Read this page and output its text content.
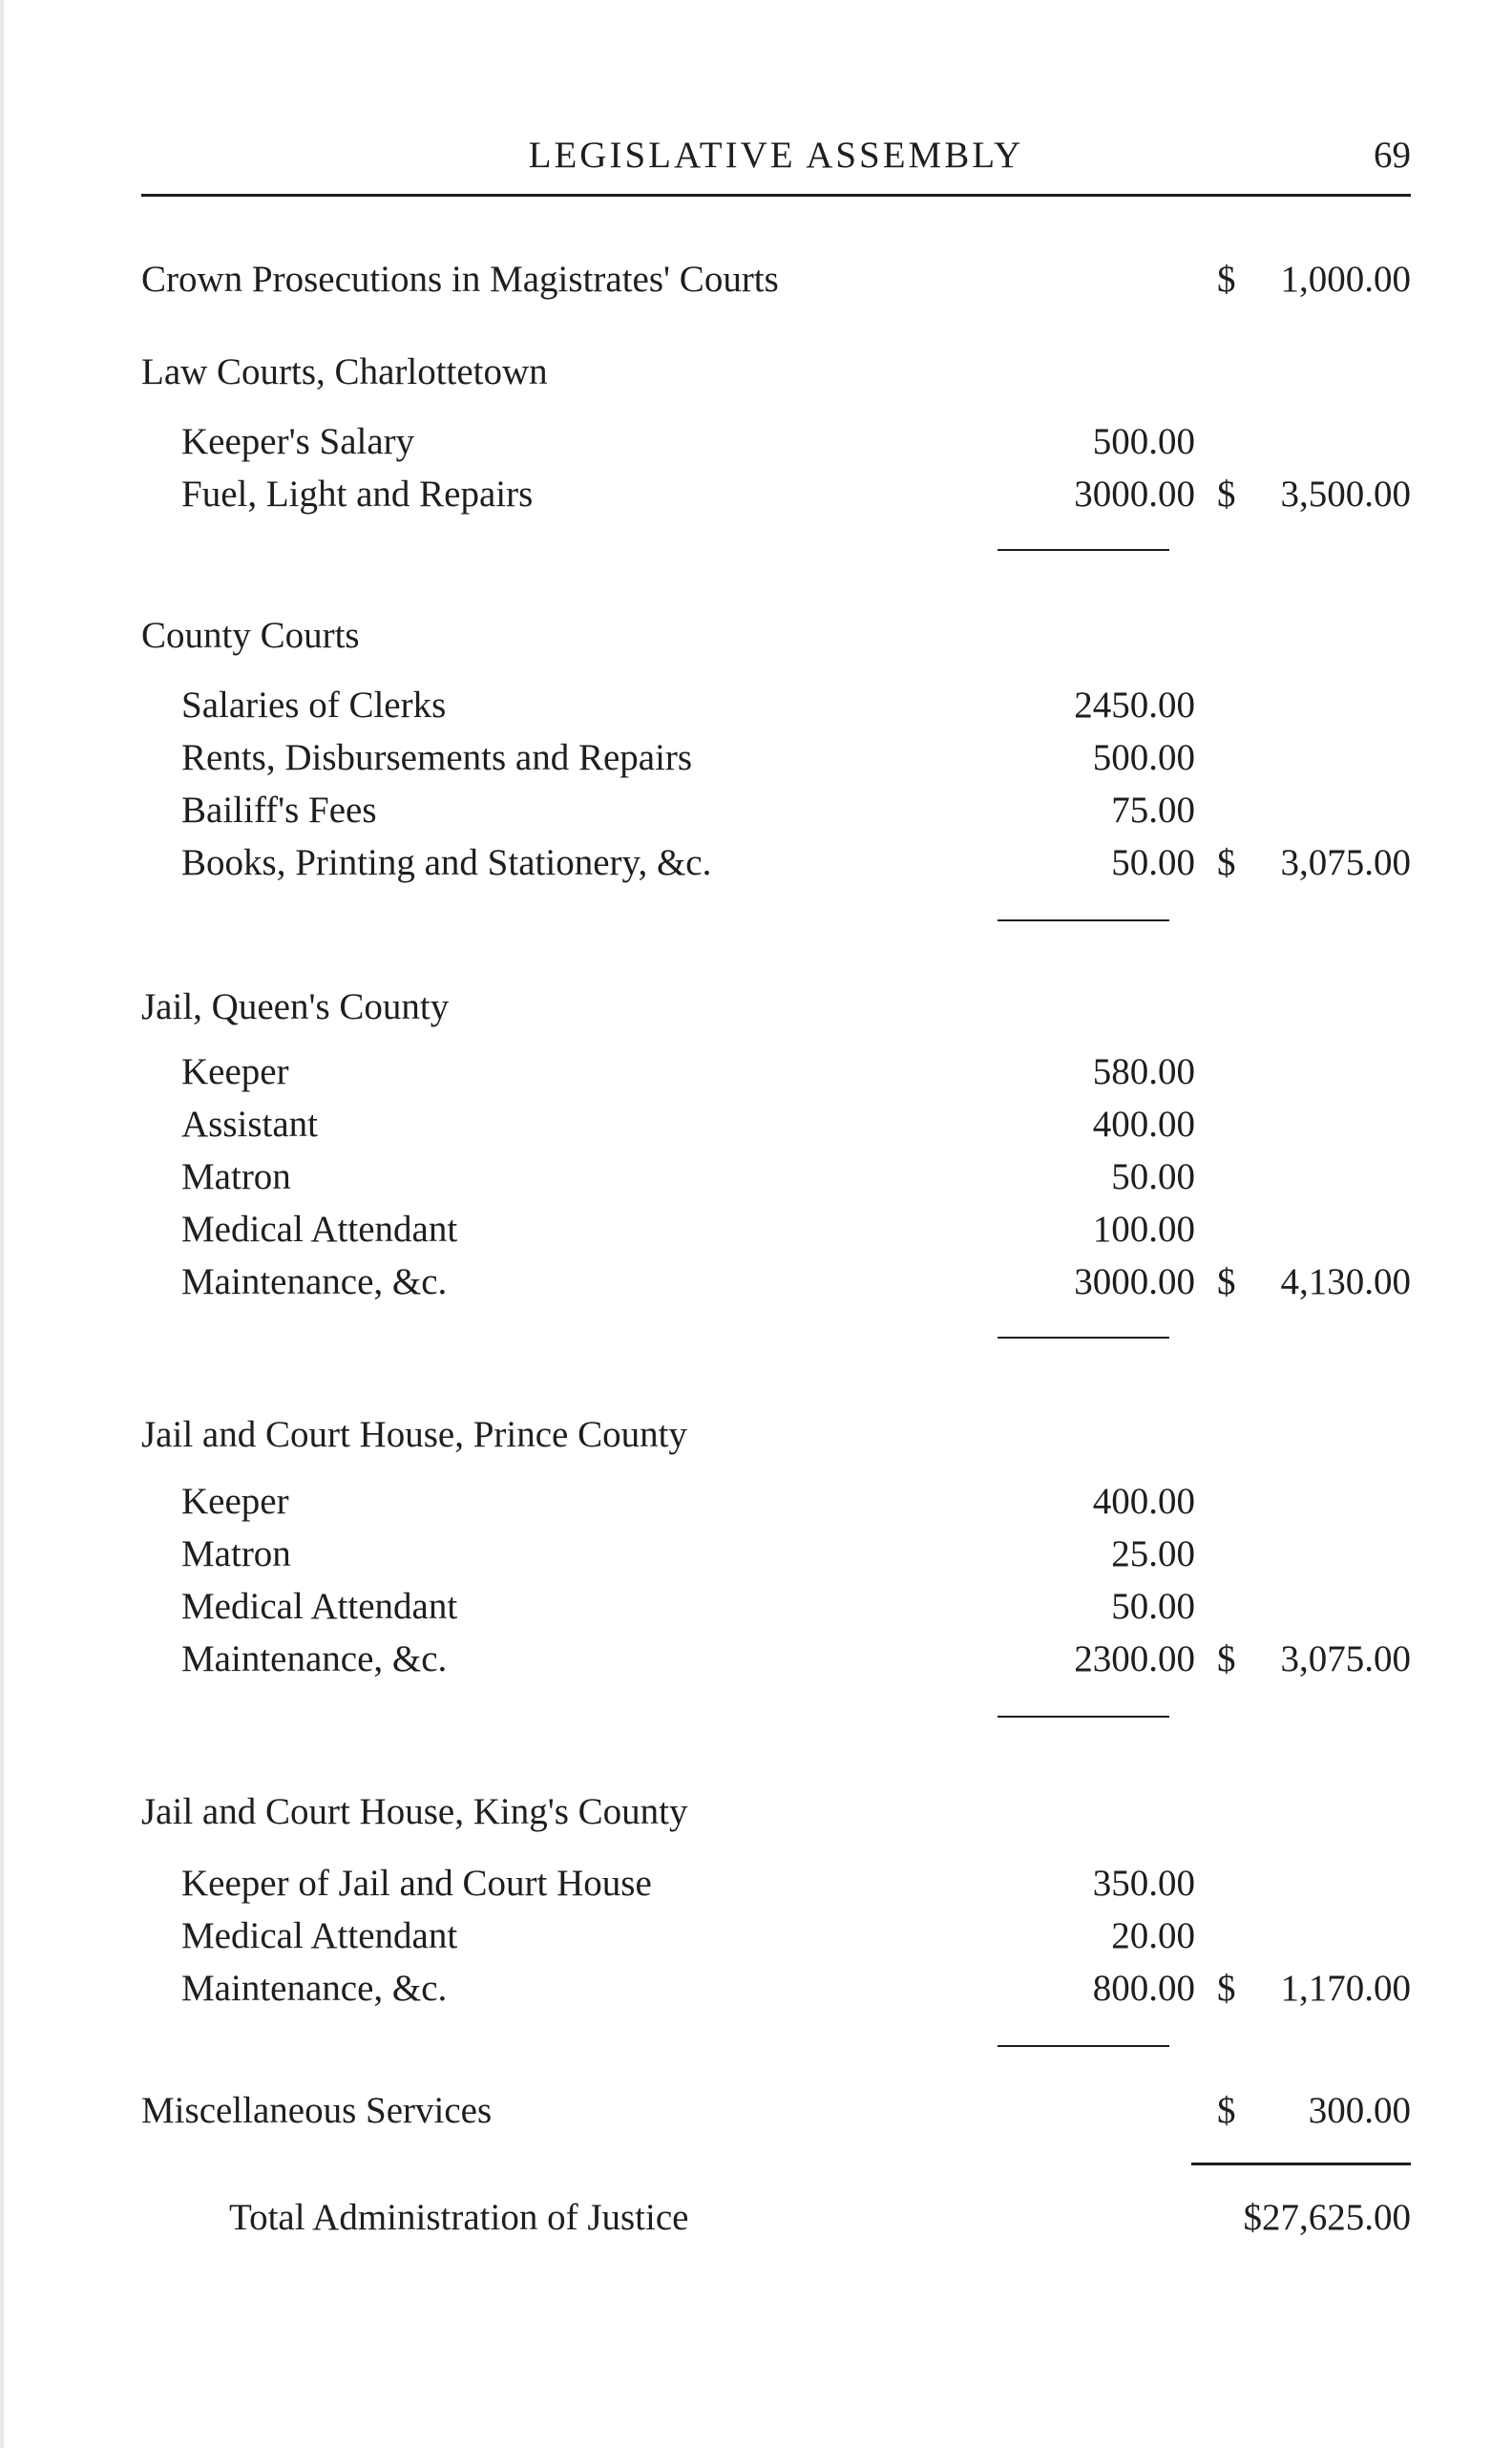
LEGISLATIVE ASSEMBLY	69
Crown Prosecutions in Magistrates' Courts	$ 1,000.00
Law Courts, Charlottetown
Keeper's Salary	500.00
Fuel, Light and Repairs	3000.00 $ 3,500.00
County Courts
Salaries of Clerks	2450.00
Rents, Disbursements and Repairs	500.00
Bailiff's Fees	75.00
Books, Printing and Stationery, &c.	50.00 $ 3,075.00
Jail, Queen's County
Keeper	580.00
Assistant	400.00
Matron	50.00
Medical Attendant	100.00
Maintenance, &c.	3000.00 $ 4,130.00
Jail and Court House, Prince County
Keeper	400.00
Matron	25.00
Medical Attendant	50.00
Maintenance, &c.	2300.00 $ 3,075.00
Jail and Court House, King's County
Keeper of Jail and Court House	350.00
Medical Attendant	20.00
Maintenance, &c.	800.00 $ 1,170.00
Miscellaneous Services	$ 300.00
Total Administration of Justice	$27,625.00
